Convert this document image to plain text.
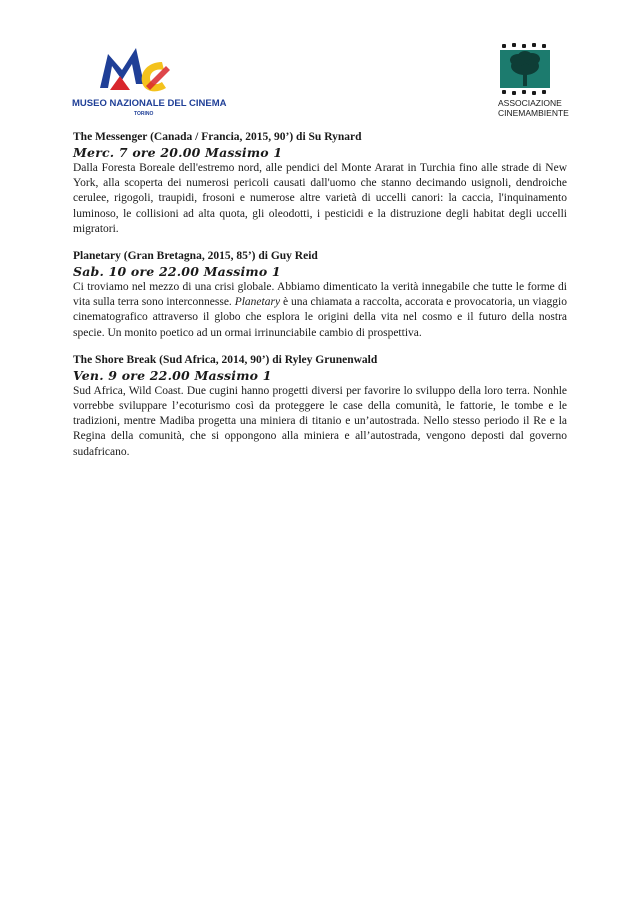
MUSEO NAZIONALE DEL CINEMA
TORINO
ASSOCIAZIONE
CINEMAMBIENTE

The Messenger (Canada / Francia, 2015, 90’) di Su Rynard

Merc. 7 ore 20.00 Massimo 1

Dalla Foresta Boreale dell'estremo nord, alle pendici del Monte Ararat in Turchia fino alle strade di New York, alla scoperta dei numerosi pericoli causati dall'uomo che stanno decimando usignoli, dendroiche cerulee, rigogoli, traupidi, frosoni e numerose altre varietà di uccelli canori: la caccia, l'inquinamento luminoso, le collisioni ad alta quota, gli oleodotti, i pesticidi e la distruzione degli habitat degli uccelli migratori.

Planetary (Gran Bretagna, 2015, 85’) di Guy Reid

Sab. 10 ore 22.00 Massimo 1

Ci troviamo nel mezzo di una crisi globale. Abbiamo dimenticato la verità innegabile che tutte le forme di vita sulla terra sono interconnesse. Planetary è una chiamata a raccolta, accorata e provocatoria, un viaggio cinematografico attraverso il globo che esplora le origini della vita nel cosmo e il futuro della nostra specie. Un monito poetico ad un ormai irrinunciabile cambio di prospettiva.

The Shore Break (Sud Africa, 2014, 90’) di Ryley Grunenwald

Ven. 9 ore 22.00 Massimo 1

Sud Africa, Wild Coast. Due cugini hanno progetti diversi per favorire lo sviluppo della loro terra. Nonhle vorrebbe sviluppare l’ecoturismo così da proteggere le case della comunità, le fattorie, le tombe e le tradizioni, mentre Madiba progetta una miniera di titanio e un’autostrada. Nello stesso periodo il Re e la Regina della comunità, che si oppongono alla miniera e all’autostrada, vengono deposti dal governo sudafricano.
